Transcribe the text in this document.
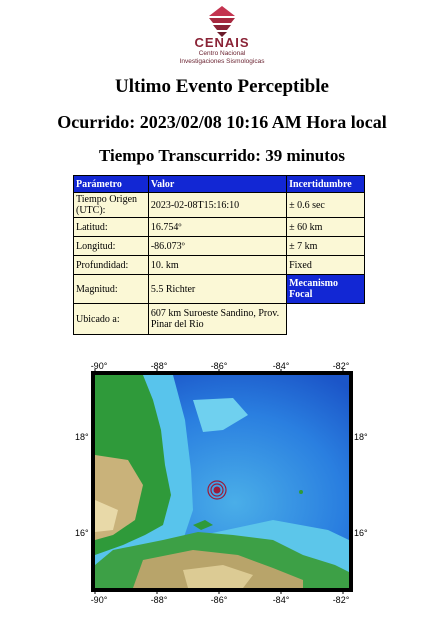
CENAIS
Centro Nacional
Investigaciones Sismologicas
Ultimo Evento Perceptible
Ocurrido: 2023/02/08 10:16 AM Hora local
Tiempo Transcurrido: 39 minutos
Parámetro	Valor	Incertidumbre
Tiempo Origen (UTC):	2023-02-08T15:16:10	± 0.6 sec
Latitud:	16.754º	± 60 km
Longitud:	-86.073º	± 7 km
Profundidad:	10. km	Fixed
Magnitud:	5.5 Richter	Mecanismo Focal
Ubicado a:	607 km Suroeste Sandino, Prov. Pinar del Rio	
-90°	-88°	-86°	-84°	-82°
-90°	-88°	-86°	-84°	-82°
18°
16°
18°
16°
